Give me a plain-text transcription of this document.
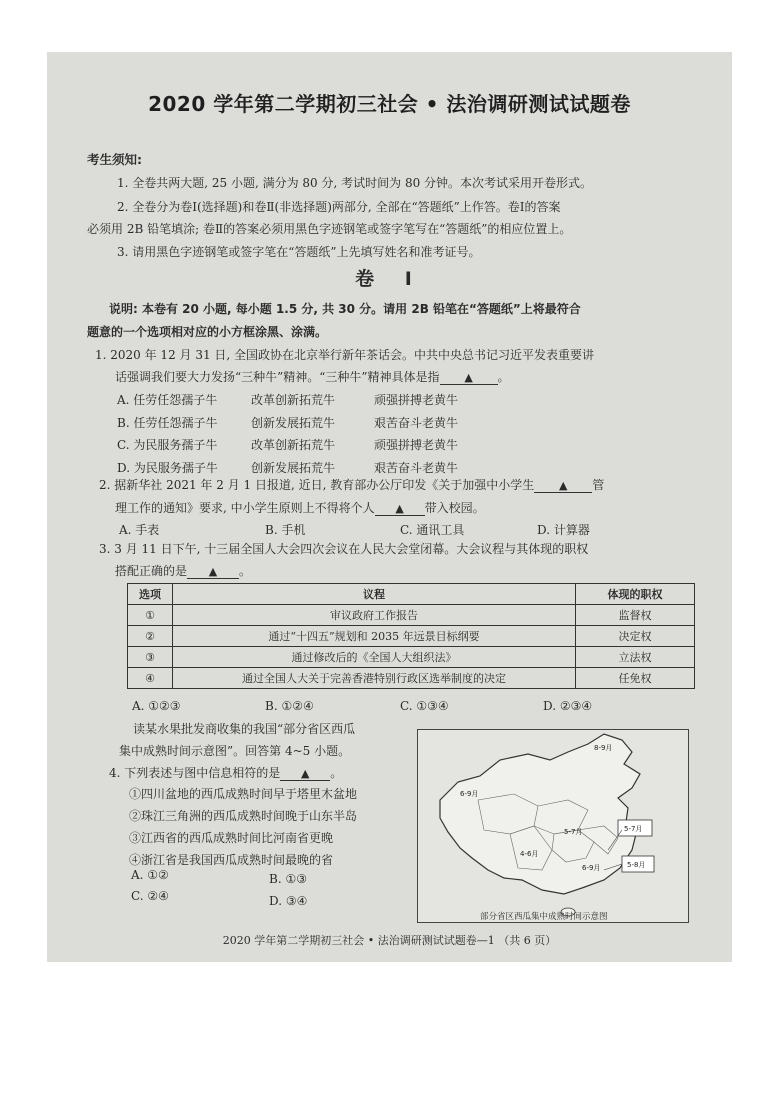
2020 学年第二学期初三社会 • 法治调研测试试题卷
考生须知:
1. 全卷共两大题, 25 小题, 满分为 80 分, 考试时间为 80 分钟。本次考试采用开卷形式。
2. 全卷分为卷Ⅰ(选择题)和卷Ⅱ(非选择题)两部分, 全部在“答题纸”上作答。卷Ⅰ的答案
必须用 2B 铅笔填涂; 卷Ⅱ的答案必须用黑色字迹钢笔或签字笔写在“答题纸”的相应位置上。
3. 请用黑色字迹钢笔或签字笔在“答题纸”上先填写姓名和准考证号。
卷 Ⅰ
说明: 本卷有 20 小题, 每小题 1.5 分, 共 30 分。请用 2B 铅笔在“答题纸”上将最符合
题意的一个选项相对应的小方框涂黑、涂满。
1. 2020 年 12 月 31 日, 全国政协在北京举行新年茶话会。中共中央总书记习近平发表重要讲
话强调我们要大力发扬“三种牛”精神。“三种牛”精神具体是指 ▲ 。
A. 任劳任怨孺子牛	改革创新拓荒牛	顽强拼搏老黄牛
B. 任劳任怨孺子牛	创新发展拓荒牛	艰苦奋斗老黄牛
C. 为民服务孺子牛	改革创新拓荒牛	顽强拼搏老黄牛
D. 为民服务孺子牛	创新发展拓荒牛	艰苦奋斗老黄牛
2. 据新华社 2021 年 2 月 1 日报道, 近日, 教育部办公厅印发《关于加强中小学生 ▲ 管
理工作的通知》要求, 中小学生原则上不得将个人 ▲ 带入校园。
A. 手表	B. 手机	C. 通讯工具	D. 计算器
3. 3 月 11 日下午, 十三届全国人大会四次会议在人民大会堂闭幕。大会议程与其体现的职权
搭配正确的是 ▲ 。
选项	议程	体现的职权
①	审议政府工作报告	监督权
②	通过“十四五”规划和 2035 年远景目标纲要	决定权
③	通过修改后的《全国人大组织法》	立法权
④	通过全国人大关于完善香港特别行政区选举制度的决定	任免权
A. ①②③	B. ①②④	C. ①③④	D. ②③④
读某水果批发商收集的我国“部分省区西瓜
集中成熟时间示意图”。回答第 4~5 小题。
4. 下列表述与图中信息相符的是 ▲ 。
①四川盆地的西瓜成熟时间早于塔里木盆地
②珠江三角洲的西瓜成熟时间晚于山东半岛
③江西省的西瓜成熟时间比河南省更晚
④浙江省是我国西瓜成熟时间最晚的省
A. ①②	B. ①③
C. ②④	D. ③④
8-9月
6-9月
5-7月
5-7月
5-8月
4-6月
6-9月
部分省区西瓜集中成熟时间示意图
2020 学年第二学期初三社会 • 法治调研测试试题卷—1 （共 6 页）
